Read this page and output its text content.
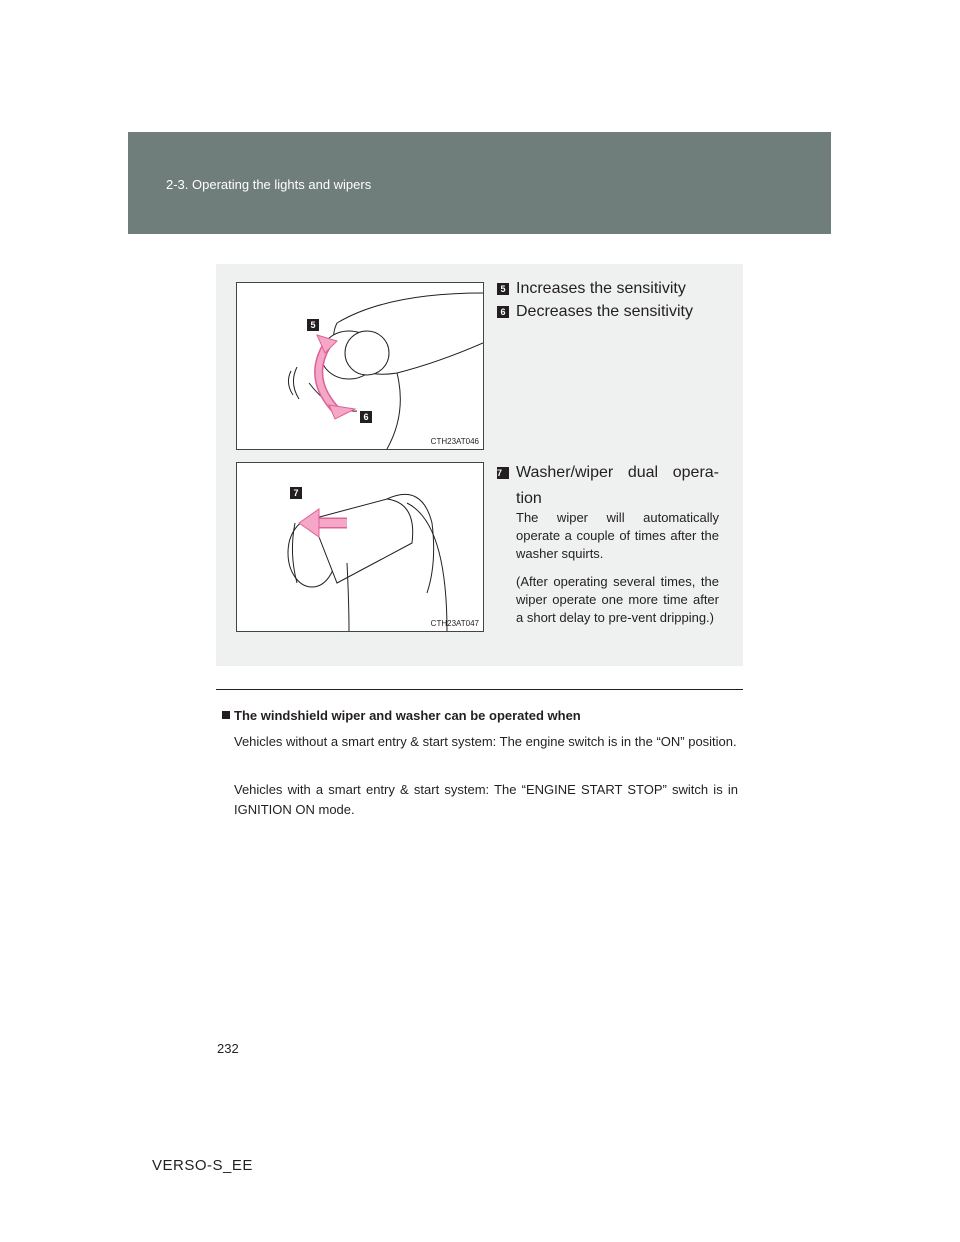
2-3. Operating the lights and wipers
5
6
CTH23AT046
7
CTH23AT047
5 Increases the sensitivity
6 Decreases the sensitivity
7 Washer/wiper dual opera-
tion
The wiper will automatically operate a couple of times after the washer squirts.
(After operating several times, the wiper operate one more time after a short delay to pre-vent dripping.)
The windshield wiper and washer can be operated when
Vehicles without a smart entry & start system: The engine switch is in the “ON” position.
Vehicles with a smart entry & start system: The “ENGINE START STOP” switch is in IGNITION ON mode.
232
VERSO-S_EE
